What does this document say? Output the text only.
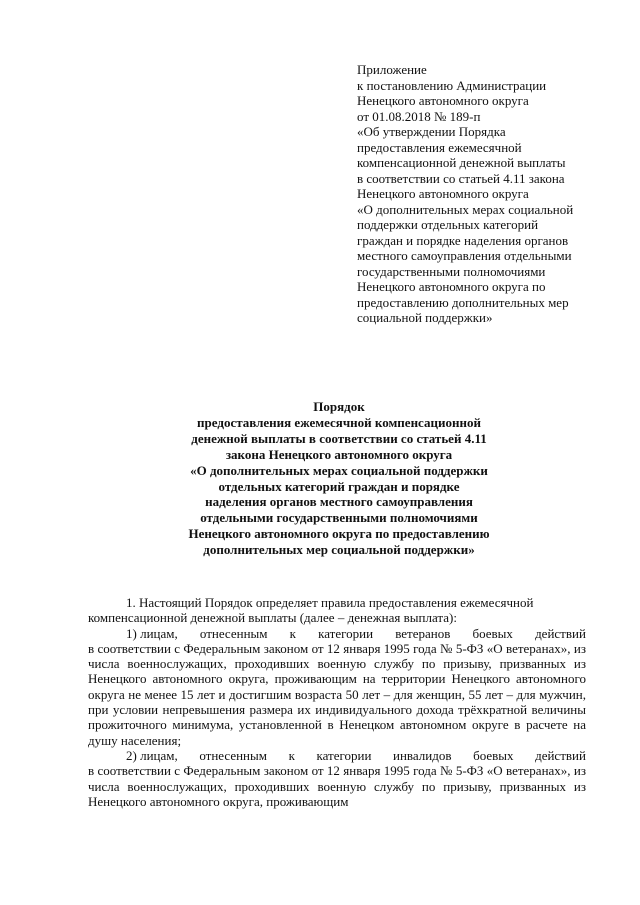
Приложение
к постановлению Администрации
Ненецкого автономного округа
от 01.08.2018 № 189-п
«Об утверждении Порядка
предоставления ежемесячной
компенсационной денежной выплаты
в соответствии со статьей 4.11 закона
Ненецкого автономного округа
«О дополнительных мерах социальной
поддержки отдельных категорий
граждан и порядке наделения органов
местного самоуправления отдельными
государственными полномочиями
Ненецкого автономного округа по
предоставлению дополнительных мер
социальной поддержки»
Порядок
предоставления ежемесячной компенсационной
денежной выплаты в соответствии со статьей 4.11
закона Ненецкого автономного округа
«О дополнительных мерах социальной поддержки
отдельных категорий граждан и порядке
наделения органов местного самоуправления
отдельными государственными полномочиями
Ненецкого автономного округа по предоставлению
дополнительных мер социальной поддержки»

1. Настоящий Порядок определяет правила предоставления ежемесячной
компенсационной денежной выплаты (далее – денежная выплата):

1) лицам, отнесенным к категории ветеранов боевых действий

в соответствии с Федеральным законом от 12 января 1995 года № 5-ФЗ «О ветеранах», из числа военнослужащих, проходивших военную службу по призыву, призванных из Ненецкого автономного округа, проживающим на территории Ненецкого автономного округа не менее 15 лет и достигшим возраста 50 лет – для женщин, 55 лет – для мужчин, при условии непревышения размера их индивидуального дохода трёхкратной величины прожиточного минимума, установленной в Ненецком автономном округе в расчете на душу населения;

2) лицам, отнесенным к категории инвалидов боевых действий

в соответствии с Федеральным законом от 12 января 1995 года № 5-ФЗ «О ветеранах», из числа военнослужащих, проходивших военную службу по призыву, призванных из Ненецкого автономного округа, проживающим
